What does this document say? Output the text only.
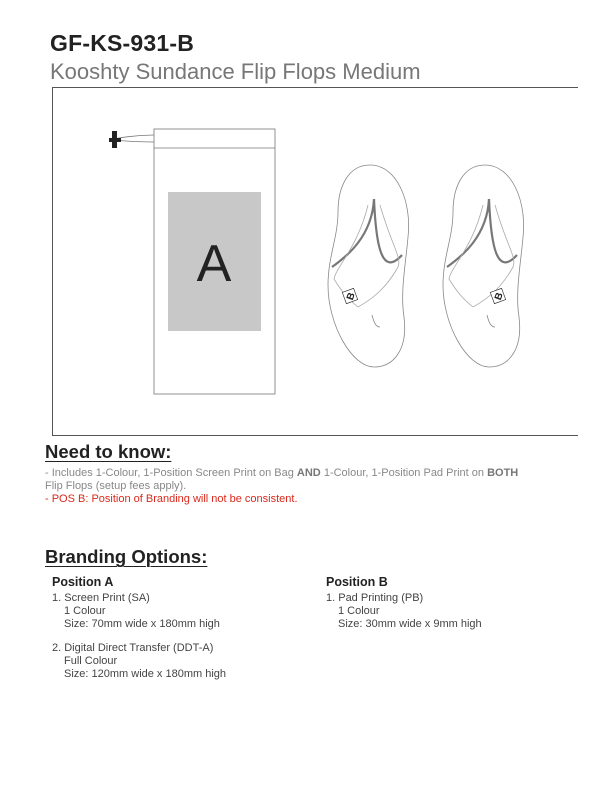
GF-KS-931-B
Kooshty Sundance Flip Flops Medium
A
B	B
Need to know:
- Includes 1-Colour, 1-Position Screen Print on Bag AND 1-Colour, 1-Position Pad Print on BOTH
Flip Flops (setup fees apply).
- POS B: Position of Branding will not be consistent.
Branding Options:
Position A
1. Screen Print (SA)
1 Colour
Size: 70mm wide x 180mm high
2. Digital Direct Transfer (DDT-A)
Full Colour
Size: 120mm wide x 180mm high
Position B
1. Pad Printing (PB)
1 Colour
Size: 30mm wide x 9mm high
